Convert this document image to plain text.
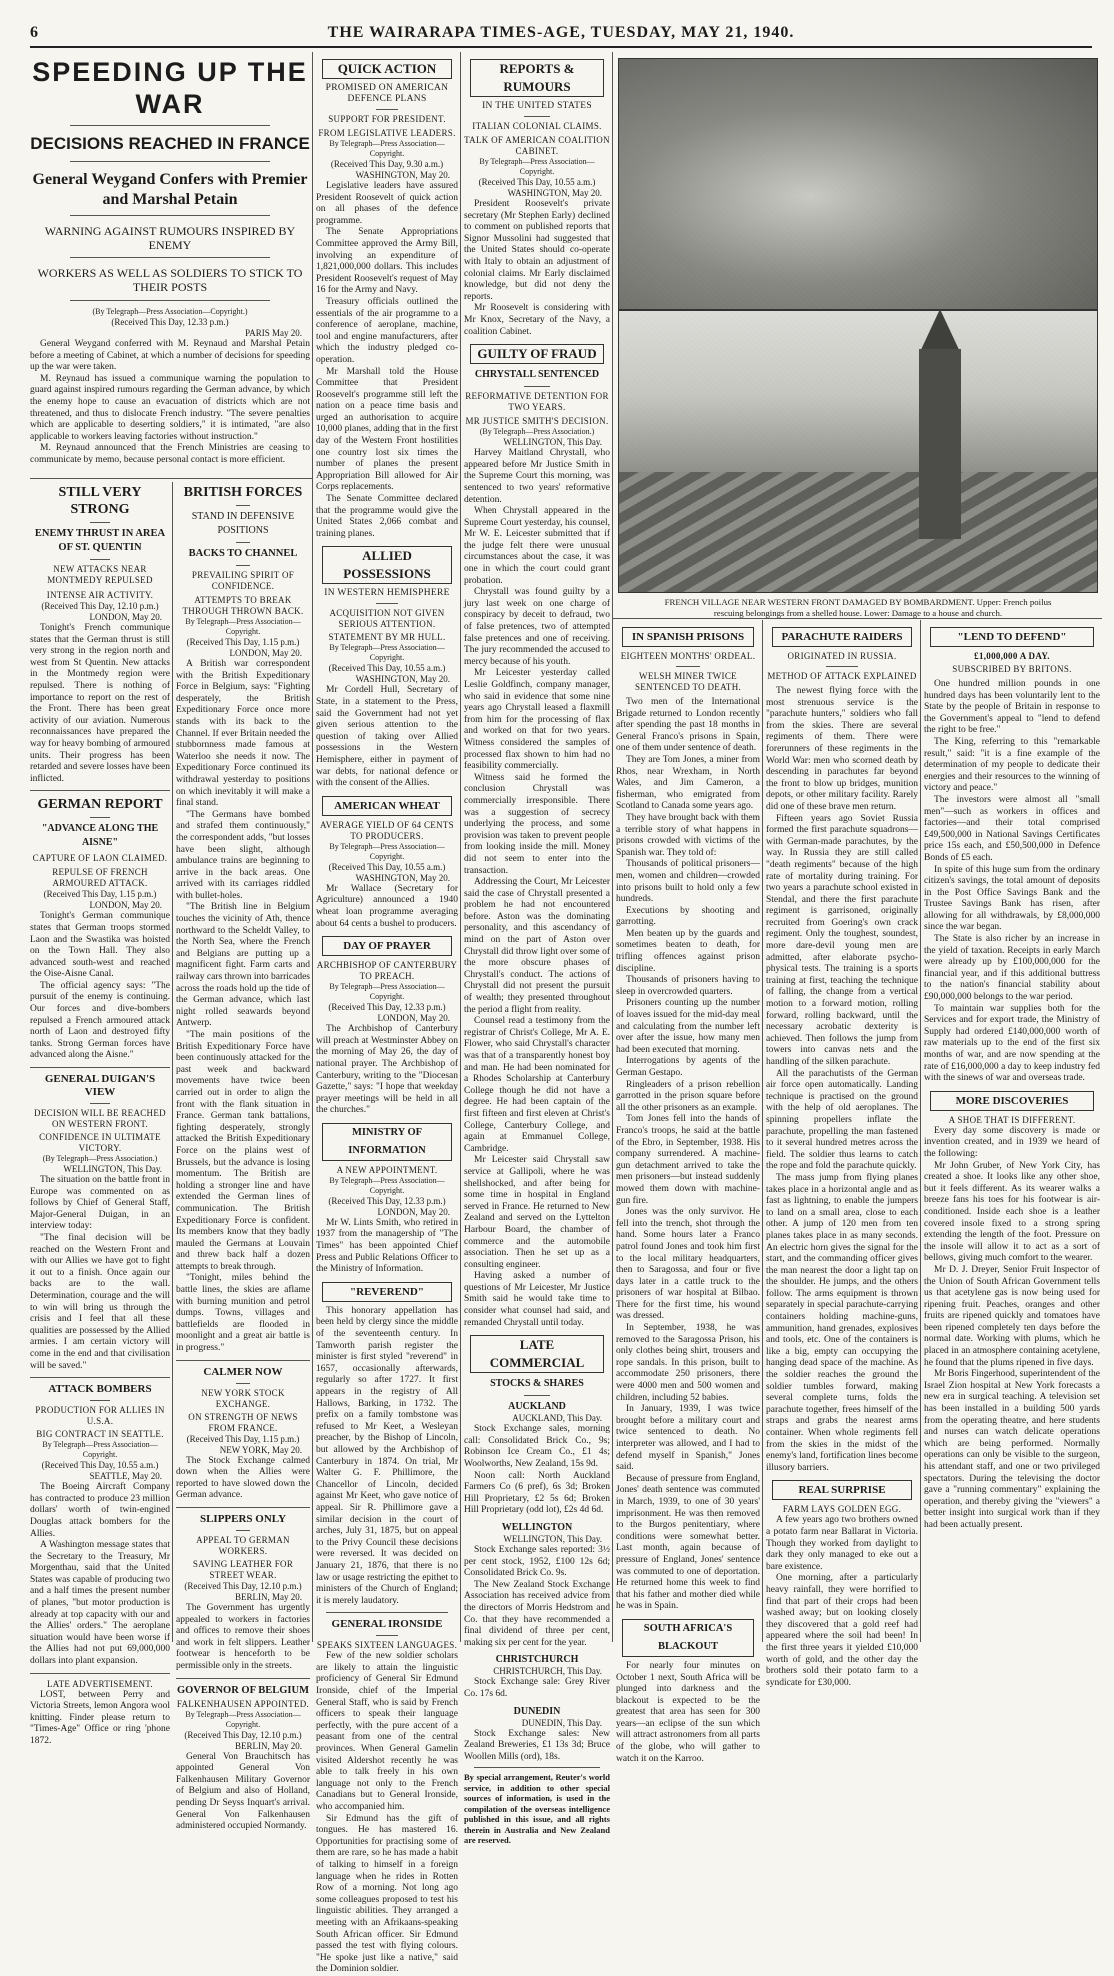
6	THE WAIRARAPA TIMES-AGE, TUESDAY, MAY 21, 1940.
SPEEDING UP THE WAR
DECISIONS REACHED IN FRANCE
General Weygand Confers with Premier and Marshal Petain
WARNING AGAINST RUMOURS INSPIRED BY ENEMY
WORKERS AS WELL AS SOLDIERS TO STICK TO THEIR POSTS
(By Telegraph—Press Association—Copyright.)
(Received This Day, 12.33 p.m.)
PARIS May 20.

General Weygand conferred with M. Reynaud and Marshal Petain before a meeting of Cabinet, at which a number of decisions for speeding up the war were taken.

M. Reynaud has issued a communique warning the population to guard against inspired rumours regarding the German advance, by which the enemy hope to cause an evacuation of districts which are not threatened, and thus to dislocate French industry. "The severe penalties which are applicable to deserting soldiers," it is intimated, "are also applicable to workers leaving factories without instruction."

M. Reynaud announced that the French Ministries are ceasing to communicate by memo, because personal contact is more efficient.

STILL VERY STRONG
ENEMY THRUST IN AREA OF ST. QUENTIN
NEW ATTACKS NEAR MONTMEDY REPULSED
INTENSE AIR ACTIVITY.
(Received This Day, 12.10 p.m.)
LONDON, May 20.

Tonight's French communique states that the German thrust is still very strong in the region north and west from St Quentin. New attacks in the Montmedy region were repulsed. There is nothing of importance to report on the rest of the Front. There has been great activity of our aviation. Numerous reconnaissances have prepared the way for heavy bombing of armoured units. Their progress has been retarded and severe losses have been inflicted.

GERMAN REPORT
"ADVANCE ALONG THE AISNE"
CAPTURE OF LAON CLAIMED.
REPULSE OF FRENCH ARMOURED ATTACK.
(Received This Day, 1.15 p.m.)
LONDON, May 20.

Tonight's German communique states that German troops stormed Laon and the Swastika was hoisted on the Town Hall. They also advanced south-west and reached the Oise-Aisne Canal.

The official agency says: "The pursuit of the enemy is continuing. Our forces and dive-bombers repulsed a French armoured attack north of Laon and destroyed fifty tanks. Strong German forces have advanced along the Aisne."

GENERAL DUIGAN'S VIEW
DECISION WILL BE REACHED ON WESTERN FRONT.
CONFIDENCE IN ULTIMATE VICTORY.
(By Telegraph—Press Association.)
WELLINGTON, This Day.

The situation on the battle front in Europe was commented on as follows by Chief of General Staff, Major-General Duigan, in an interview today:

"The final decision will be reached on the Western Front and with our Allies we have got to fight it out to a finish. Once again our backs are to the wall. Determination, courage and the will to win will bring us through the crisis and I feel that all these qualities are possessed by the Allied armies. I am certain victory will come in the end and that civilisation will be saved."

ATTACK BOMBERS
PRODUCTION FOR ALLIES IN U.S.A.
BIG CONTRACT IN SEATTLE.
By Telegraph—Press Association—Copyright.
(Received This Day, 10.55 a.m.)
SEATTLE, May 20.

The Boeing Aircraft Company has contracted to produce 23 million dollars' worth of twin-engined Douglas attack bombers for the Allies.

A Washington message states that the Secretary to the Treasury, Mr Morgenthau, said that the United States was capable of producing two and a half times the present number of planes, "but motor production is already at top capacity with our and the Allies' orders." The aeroplane situation would have been worse if the Allies had not put 69,000,000 dollars into plant expansion.

LATE ADVERTISEMENT.

LOST, between Perry and Victoria Streets, lemon Angora wool knitting. Finder please return to "Times-Age" Office or ring 'phone 1872.

BRITISH FORCES
STAND IN DEFENSIVE POSITIONS
BACKS TO CHANNEL
PREVAILING SPIRIT OF CONFIDENCE.
ATTEMPTS TO BREAK THROUGH THROWN BACK.
By Telegraph—Press Association—Copyright.
(Received This Day, 1.15 p.m.)
LONDON, May 20.

A British war correspondent with the British Expeditionary Force in Belgium, says: "Fighting desperately, the British Expeditionary Force once more stands with its back to the Channel. If ever Britain needed the stubbornness made famous at Waterloo she needs it now. The Expeditionary Force continued its withdrawal yesterday to positions on which inevitably it will make a final stand.

"The Germans have bombed and strafed them continuously," the correspondent adds, "but losses have been slight, although ambulance trains are beginning to arrive in the back areas. One arrived with its carriages riddled with bullet-holes.

"The British line in Belgium touches the vicinity of Ath, thence northward to the Scheldt Valley, to the North Sea, where the French and Belgians are putting up a magnificent fight. Farm carts and railway cars thrown into barricades across the roads hold up the tide of the German advance, which last night rolled seawards beyond Antwerp.

"The main positions of the British Expeditionary Force have been continuously attacked for the past week and backward movements have twice been carried out in order to align the front with the flank situation in France. German tank battalions, fighting desperately, strongly attacked the British Expeditionary Force on the plains west of Brussels, but the advance is losing momentum. The British are holding a stronger line and have extended the German lines of communication. The British Expeditionary Force is confident. Its members know that they badly mauled the Germans at Louvain and threw back half a dozen attempts to break through.

"Tonight, miles behind the battle lines, the skies are aflame with burning munition and petrol dumps. Towns, villages and battlefields are flooded in moonlight and a great air battle is in progress."

CALMER NOW
NEW YORK STOCK EXCHANGE.
ON STRENGTH OF NEWS FROM FRANCE.
(Received This Day, 1.15 p.m.)
NEW YORK, May 20.

The Stock Exchange calmed down when the Allies were reported to have slowed down the German advance.

SLIPPERS ONLY
APPEAL TO GERMAN WORKERS.
SAVING LEATHER FOR STREET WEAR.
(Received This Day, 12.10 p.m.)
BERLIN, May 20.

The Government has urgently appealed to workers in factories and offices to remove their shoes and work in felt slippers. Leather footwear is henceforth to be permissible only in the streets.

GOVERNOR OF BELGIUM
FALKENHAUSEN APPOINTED.
By Telegraph—Press Association—Copyright.
(Received This Day, 12.10 p.m.)
BERLIN, May 20.

General Von Brauchitsch has appointed General Von Falkenhausen Military Governor of Belgium and also of Holland, pending Dr Seyss Inquart's arrival. General Von Falkenhausen administered occupied Normandy.

QUICK ACTION
PROMISED ON AMERICAN DEFENCE PLANS
SUPPORT FOR PRESIDENT.
FROM LEGISLATIVE LEADERS.
By Telegraph—Press Association—Copyright.
(Received This Day, 9.30 a.m.)
WASHINGTON, May 20.

Legislative leaders have assured President Roosevelt of quick action on all phases of the defence programme.

The Senate Appropriations Committee approved the Army Bill, involving an expenditure of 1,821,000,000 dollars. This includes President Roosevelt's request of May 16 for the Army and Navy.

Treasury officials outlined the essentials of the air programme to a conference of aeroplane, machine, tool and engine manufacturers, after which the industry pledged co-operation.

Mr Marshall told the House Committee that President Roosevelt's programme still left the nation on a peace time basis and urged an authorisation to acquire 10,000 planes, adding that in the first day of the Western Front hostilities one country lost six times the number of planes the present Appropriation Bill allowed for Air Corps replacements.

The Senate Committee declared that the programme would give the United States 2,066 combat and training planes.

ALLIED POSSESSIONS
IN WESTERN HEMISPHERE
ACQUISITION NOT GIVEN SERIOUS ATTENTION.
STATEMENT BY MR HULL.
By Telegraph—Press Association—Copyright.
(Received This Day, 10.55 a.m.)
WASHINGTON, May 20.

Mr Cordell Hull, Secretary of State, in a statement to the Press, said the Government had not yet given serious attention to the question of taking over Allied possessions in the Western Hemisphere, either in payment of war debts, for national defence or with the consent of the Allies.

AMERICAN WHEAT
AVERAGE YIELD OF 64 CENTS TO PRODUCERS.
By Telegraph—Press Association—Copyright.
(Received This Day, 10.55 a.m.)
WASHINGTON, May 20.

Mr Wallace (Secretary for Agriculture) announced a 1940 wheat loan programme averaging about 64 cents a bushel to producers.

DAY OF PRAYER
ARCHBISHOP OF CANTERBURY TO PREACH.
By Telegraph—Press Association—Copyright.
(Received This Day, 12.33 p.m.)
LONDON, May 20.

The Archbishop of Canterbury will preach at Westminster Abbey on the morning of May 26, the day of national prayer. The Archbishop of Canterbury, writing to the "Diocesan Gazette," says: "I hope that weekday prayer meetings will be held in all the churches."

MINISTRY OF INFORMATION
A NEW APPOINTMENT.
By Telegraph—Press Association—Copyright.
(Received This Day, 12.33 p.m.)
LONDON, May 20.

Mr W. Lints Smith, who retired in 1937 from the managership of "The Times" has been appointed Chief Press and Public Relations Officer to the Ministry of Information.

"REVEREND"

This honorary appellation has been held by clergy since the middle of the seventeenth century. In Tamworth parish register the minister is first styled "reverend" in 1657, occasionally afterwards, regularly so after 1727. It first appears in the registry of All Hallows, Barking, in 1732. The prefix on a family tombstone was refused to Mr Keet, a Wesleyan preacher, by the Bishop of Lincoln, but allowed by the Archbishop of Canterbury in 1874. On trial, Mr Walter G. F. Phillimore, the Chancellor of Lincoln, decided against Mr Keet, who gave notice of appeal. Sir R. Phillimore gave a similar decision in the court of arches, July 31, 1875, but on appeal to the Privy Council these decisions were reversed. It was decided on January 21, 1876, that there is no law or usage restricting the epithet to ministers of the Church of England; it is merely laudatory.

GENERAL IRONSIDE
SPEAKS SIXTEEN LANGUAGES.

Few of the new soldier scholars are likely to attain the linguistic proficiency of General Sir Edmund Ironside, chief of the Imperial General Staff, who is said by French officers to speak their language perfectly, with the pure accent of a peasant from one of the central provinces. When General Gamelin visited Aldershot recently he was able to talk freely in his own language not only to the French Canadians but to General Ironside, who accompanied him.

Sir Edmund has the gift of tongues. He has mastered 16. Opportunities for practising some of them are rare, so he has made a habit of talking to himself in a foreign language when he rides in Rotten Row of a morning. Not long ago some colleagues proposed to test his linguistic abilities. They arranged a meeting with an Afrikaans-speaking South African officer. Sir Edmund passed the test with flying colours. "He spoke just like a native," said the Dominion soldier.

REPORTS & RUMOURS
IN THE UNITED STATES
ITALIAN COLONIAL CLAIMS.
TALK OF AMERICAN COALITION CABINET.
By Telegraph—Press Association—Copyright.
(Received This Day, 10.55 a.m.)
WASHINGTON, May 20.

President Roosevelt's private secretary (Mr Stephen Early) declined to comment on published reports that Signor Mussolini had suggested that the United States should co-operate with Italy to obtain an adjustment of colonial claims. Mr Early disclaimed knowledge, but did not deny the reports.

Mr Roosevelt is considering with Mr Knox, Secretary of the Navy, a coalition Cabinet.

GUILTY OF FRAUD
CHRYSTALL SENTENCED
REFORMATIVE DETENTION FOR TWO YEARS.
MR JUSTICE SMITH'S DECISION.
(By Telegraph—Press Association.)
WELLINGTON, This Day.

Harvey Maitland Chrystall, who appeared before Mr Justice Smith in the Supreme Court this morning, was sentenced to two years' reformative detention.

When Chrystall appeared in the Supreme Court yesterday, his counsel, Mr W. E. Leicester submitted that if the judge felt there were unusual circumstances about the case, it was one in which the court could grant probation.

Chrystall was found guilty by a jury last week on one charge of conspiracy by deceit to defraud, two of false pretences, two of attempted false pretences and one of receiving. The jury recommended the accused to mercy because of his youth.

Mr Leicester yesterday called Leslie Goldfinch, company manager, who said in evidence that some nine years ago Chrystall leased a flaxmill from him for the processing of flax and worked on that for two years. Witness considered the samples of processed flax shown to him had no feasibility commercially.

Witness said he formed the conclusion Chrystall was commercially irresponsible. There was a suggestion of secrecy underlying the process, and some provision was taken to prevent people from looking inside the mill. Money did not seem to enter into the transaction.

Addressing the Court, Mr Leicester said the case of Chrystall presented a problem he had not encountered before. Aston was the dominating personality, and this ascendancy of mind on the part of Aston over Chrystall did throw light over some of the more obscure phases of Chrystall's conduct. The actions of Chrystall did not present the pursuit of wealth; they presented throughout the period a flight from reality.

Counsel read a testimony from the registrar of Christ's College, Mr A. E. Flower, who said Chrystall's character was that of a transparently honest boy and man. He had been nominated for a Rhodes Scholarship at Canterbury College though he did not have a degree. He had been captain of the first fifteen and first eleven at Christ's College, Canterbury College, and again at Emmanuel College, Cambridge.

Mr Leicester said Chrystall saw service at Gallipoli, where he was shellshocked, and after being for some time in hospital in England served in France. He returned to New Zealand and served on the Lyttelton Harbour Board, the chamber of commerce and the automobile association. Then he set up as a consulting engineer.

Having asked a number of questions of Mr Leicester, Mr Justice Smith said he would take time to consider what counsel had said, and remanded Chrystall until today.

LATE COMMERCIAL
STOCKS & SHARES
AUCKLAND
AUCKLAND, This Day.

Stock Exchange sales, morning call: Consolidated Brick Co., 9s; Robinson Ice Cream Co., £1 4s; Woolworths, New Zealand, 15s 9d.

Noon call: North Auckland Farmers Co (6 pref), 6s 3d; Broken Hill Proprietary, £2 5s 6d; Broken Hill Proprietary (odd lot), £2s 4d 6d.

WELLINGTON
WELLINGTON, This Day.

Stock Exchange sales reported: 3½ per cent stock, 1952, £100 12s 6d; Consolidated Brick Co. 9s.

The New Zealand Stock Exchange Association has received advice from the directors of Morris Hedstrom and Co. that they have recommended a final dividend of three per cent, making six per cent for the year.

CHRISTCHURCH
CHRISTCHURCH, This Day.

Stock Exchange sale: Grey River Co. 17s 6d.

DUNEDIN
DUNEDIN, This Day.

Stock Exchange sales: New Zealand Breweries, £1 13s 3d; Bruce Woollen Mills (ord), 18s.

By special arrangement, Reuter's world service, in addition to other special sources of information, is used in the compilation of the overseas intelligence published in this issue, and all rights therein in Australia and New Zealand are reserved.
FRENCH VILLAGE NEAR WESTERN FRONT DAMAGED BY BOMBARDMENT. Upper: French poilus
rescuing belongings from a shelled house. Lower: Damage to a house and church.
IN SPANISH PRISONS
EIGHTEEN MONTHS' ORDEAL.
WELSH MINER TWICE SENTENCED TO DEATH.

Two men of the International Brigade returned to London recently after spending the past 18 months in General Franco's prisons in Spain, one of them under sentence of death.

They are Tom Jones, a miner from Rhos, near Wrexham, in North Wales, and Jim Cameron, a fisherman, who emigrated from Scotland to Canada some years ago.

They have brought back with them a terrible story of what happens in prisons crowded with victims of the Spanish war. They told of:

Thousands of political prisoners—men, women and children—crowded into prisons built to hold only a few hundreds.

Executions by shooting and garrotting.

Men beaten up by the guards and sometimes beaten to death, for trifling offences against prison discipline.

Thousands of prisoners having to sleep in overcrowded quarters.

Prisoners counting up the number of loaves issued for the mid-day meal and calculating from the number left over after the issue, how many men had been executed that morning.

Interrogations by agents of the German Gestapo.

Ringleaders of a prison rebellion garrotted in the prison square before all the other prisoners as an example.

Tom Jones fell into the hands of Franco's troops, he said at the battle of the Ebro, in September, 1938. His company surrendered. A machine-gun detachment arrived to take the men prisoners—but instead suddenly mowed them down with machine-gun fire.

Jones was the only survivor. He fell into the trench, shot through the hand. Some hours later a Franco patrol found Jones and took him first to the local military headquarters, then to Saragossa, and four or five days later in a cattle truck to the prisoners of war hospital at Bilbao. There for the first time, his wound was dressed.

In September, 1938, he was removed to the Saragossa Prison, his only clothes being shirt, trousers and rope sandals. In this prison, built to accommodate 250 prisoners, there were 4000 men and 500 women and children, including 52 babies.

In January, 1939, I was twice brought before a military court and twice sentenced to death. No interpreter was allowed, and I had to defend myself in Spanish," Jones said.

Because of pressure from England, Jones' death sentence was commuted in March, 1939, to one of 30 years' imprisonment. He was then removed to the Burgos penitentiary, where conditions were somewhat better. Last month, again because of pressure of England, Jones' sentence was commuted to one of deportation. He returned home this week to find that his father and mother died while he was in Spain.

SOUTH AFRICA'S BLACKOUT

For nearly four minutes on October 1 next, South Africa will be plunged into darkness and the blackout is expected to be the greatest that area has seen for 300 years—an eclipse of the sun which will attract astronomers from all parts of the globe, who will gather to watch it on the Karroo.

PARACHUTE RAIDERS
ORIGINATED IN RUSSIA.
METHOD OF ATTACK EXPLAINED

The newest flying force with the most strenuous service is the "parachute hunters," soldiers who fall from the skies. There are several regiments of them. There were forerunners of these regiments in the World War: men who scorned death by descending in parachutes far beyond the front to blow up bridges, munition depots, or other military facility. Rarely did one of these brave men return.

Fifteen years ago Soviet Russia formed the first parachute squadrons—with German-made parachutes, by the way. In Russia they are still called "death regiments" because of the high rate of mortality during training. For two years a parachute school existed in Stendal, and there the first parachute regiment is garrisoned, originally recruited from Goering's own crack regiment. Only the toughest, soundest, more dare-devil young men are admitted, after elaborate psycho-physical tests. The training is a sports training at first, teaching the technique of falling, the change from a vertical motion to a forward motion, rolling forward, rolling backward, until the necessary acrobatic dexterity is achieved. Then follows the jump from towers into canvas nets and the handling of the silken parachute.

All the parachutists of the German air force open automatically. Landing technique is practised on the ground with the help of old aeroplanes. The spinning propellers inflate the parachute, propelling the man fastened to it several hundred metres across the field. The soldier thus learns to catch the rope and fold the parachute quickly.

The mass jump from flying planes takes place in a horizontal angle and as fast as lightning, to enable the jumpers to land on a small area, close to each other. A jump of 120 men from ten planes takes place in as many seconds. An electric horn gives the signal for the start, and the commanding officer gives the man nearest the door a light tap on the shoulder. He jumps, and the others follow. The arms equipment is thrown separately in special parachute-carrying containers holding machine-guns, ammunition, hand grenades, explosives and tools, etc. One of the containers is like a big, empty can occupying the hanging dead space of the machine. As the soldier reaches the ground the soldier tumbles forward, making several complete turns, folds the parachute together, frees himself of the straps and grabs the nearest arms container. When whole regiments fell from the skies in the midst of the enemy's land, fortification lines become illusory barriers.

REAL SURPRISE
FARM LAYS GOLDEN EGG.

A few years ago two brothers owned a potato farm near Ballarat in Victoria. Though they worked from daylight to dark they only managed to eke out a bare existence.

One morning, after a particularly heavy rainfall, they were horrified to find that part of their crops had been washed away; but on looking closely they discovered that a gold reef had appeared where the soil had been! In the first three years it yielded £10,000 worth of gold, and the other day the brothers sold their potato farm to a syndicate for £30,000.

"LEND TO DEFEND"
£1,000,000 A DAY.
SUBSCRIBED BY BRITONS.

One hundred million pounds in one hundred days has been voluntarily lent to the State by the people of Britain in response to the Government's appeal to "lend to defend the right to be free."

The King, referring to this "remarkable result," said: "it is a fine example of the determination of my people to dedicate their energies and their resources to the winning of victory and peace."

The investors were almost all "small men"—such as workers in offices and factories—and their total comprised £49,500,000 in National Savings Certificates price 15s each, and £50,500,000 in Defence Bonds of £5 each.

In spite of this huge sum from the ordinary citizen's savings, the total amount of deposits in the Post Office Savings Bank and the Trustee Savings Bank has risen, after allowing for all withdrawals, by £8,000,000 since the war began.

The State is also richer by an increase in the yield of taxation. Receipts in early March were already up by £100,000,000 for the financial year, and if this additional buttress to the nation's financial stability about £90,000,000 belongs to the war period.

To maintain war supplies both for the Services and for export trade, the Ministry of Supply had ordered £140,000,000 worth of raw materials up to the end of the first six months of war, and are now spending at the rate of £16,000,000 a day to keep industry fed with the sinews of war and overseas trade.

MORE DISCOVERIES
A SHOE THAT IS DIFFERENT.

Every day some discovery is made or invention created, and in 1939 we heard of the following:

Mr John Gruber, of New York City, has created a shoe. It looks like any other shoe, but it feels different. As its wearer walks a breeze fans his toes for his footwear is air-conditioned. Inside each shoe is a leather covered insole fixed to a strong spring extending the length of the foot. Pressure on the insole will allow it to act as a sort of bellows, giving much comfort to the wearer.

Mr D. J. Dreyer, Senior Fruit Inspector of the Union of South African Government tells us that acetylene gas is now being used for ripening fruit. Peaches, oranges and other fruits are ripened quickly and tomatoes have been ripened completely ten days before the normal date. Working with plums, which he placed in an atmosphere containing acetylene, he found that the plums ripened in five days.

Mr Boris Fingerhood, superintendent of the Israel Zion hospital at New York forecasts a new era in surgical teaching. A television set has been installed in a building 500 yards from the operating theatre, and here students and nurses can watch delicate operations which are being performed. Normally operations can only be visible to the surgeon, his attendant staff, and one or two privileged spectators. During the televising the doctor gave a "running commentary" explaining the operation, and thereby giving the "viewers" a better insight into surgical work than if they had been actually present.
